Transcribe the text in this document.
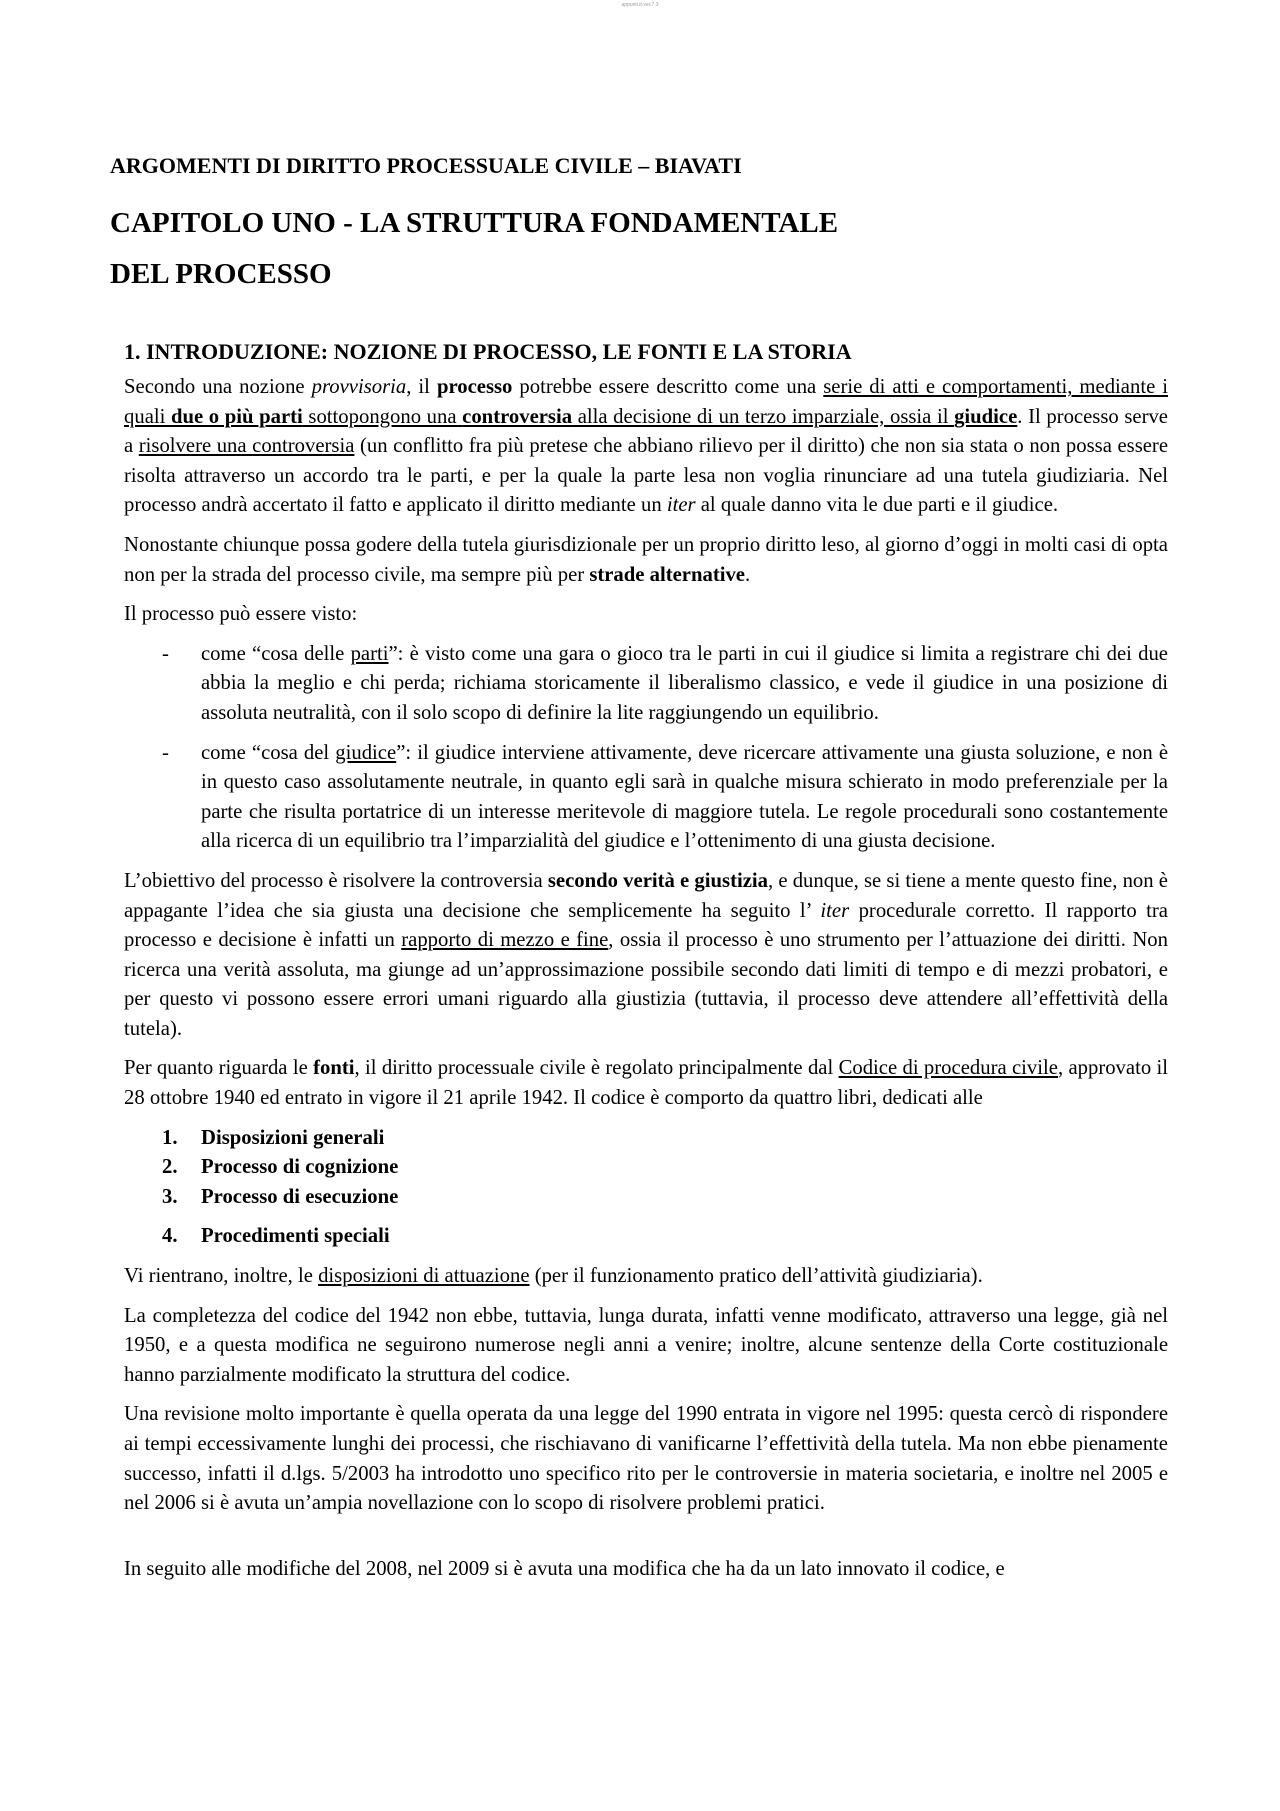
appunti.it-ver.7.3
ARGOMENTI DI DIRITTO PROCESSUALE CIVILE – BIAVATI
CAPITOLO UNO - LA STRUTTURA FONDAMENTALE
DEL PROCESSO
1. INTRODUZIONE: NOZIONE DI PROCESSO, LE FONTI E LA STORIA

Secondo una nozione provvisoria, il processo potrebbe essere descritto come una serie di atti e comportamenti, mediante i quali due o più parti sottopongono una controversia alla decisione di un terzo imparziale, ossia il giudice. Il processo serve a risolvere una controversia (un conflitto fra più pretese che abbiano rilievo per il diritto) che non sia stata o non possa essere risolta attraverso un accordo tra le parti, e per la quale la parte lesa non voglia rinunciare ad una tutela giudiziaria. Nel processo andrà accertato il fatto e applicato il diritto mediante un iter al quale danno vita le due parti e il giudice.

Nonostante chiunque possa godere della tutela giurisdizionale per un proprio diritto leso, al giorno d’oggi in molti casi di opta non per la strada del processo civile, ma sempre più per strade alternative.

Il processo può essere visto:

- come “cosa delle parti”: è visto come una gara o gioco tra le parti in cui il giudice si limita a registrare chi dei due abbia la meglio e chi perda; richiama storicamente il liberalismo classico, e vede il giudice in una posizione di assoluta neutralità, con il solo scopo di definire la lite raggiungendo un equilibrio.
- come “cosa del giudice”: il giudice interviene attivamente, deve ricercare attivamente una giusta soluzione, e non è in questo caso assolutamente neutrale, in quanto egli sarà in qualche misura schierato in modo preferenziale per la parte che risulta portatrice di un interesse meritevole di maggiore tutela. Le regole procedurali sono costantemente alla ricerca di un equilibrio tra l’imparzialità del giudice e l’ottenimento di una giusta decisione.

L’obiettivo del processo è risolvere la controversia secondo verità e giustizia, e dunque, se si tiene a mente questo fine, non è appagante l’idea che sia giusta una decisione che semplicemente ha seguito l’ iter procedurale corretto. Il rapporto tra processo e decisione è infatti un rapporto di mezzo e fine, ossia il processo è uno strumento per l’attuazione dei diritti. Non ricerca una verità assoluta, ma giunge ad un’approssimazione possibile secondo dati limiti di tempo e di mezzi probatori, e per questo vi possono essere errori umani riguardo alla giustizia (tuttavia, il processo deve attendere all’effettività della tutela).

Per quanto riguarda le fonti, il diritto processuale civile è regolato principalmente dal Codice di procedura civile, approvato il 28 ottobre 1940 ed entrato in vigore il 21 aprile 1942. Il codice è comporto da quattro libri, dedicati alle

1. Disposizioni generali
2. Processo di cognizione
3. Processo di esecuzione
4. Procedimenti speciali

Vi rientrano, inoltre, le disposizioni di attuazione (per il funzionamento pratico dell’attività giudiziaria).

La completezza del codice del 1942 non ebbe, tuttavia, lunga durata, infatti venne modificato, attraverso una legge, già nel 1950, e a questa modifica ne seguirono numerose negli anni a venire; inoltre, alcune sentenze della Corte costituzionale hanno parzialmente modificato la struttura del codice.

Una revisione molto importante è quella operata da una legge del 1990 entrata in vigore nel 1995: questa cercò di rispondere ai tempi eccessivamente lunghi dei processi, che rischiavano di vanificarne l’effettività della tutela. Ma non ebbe pienamente successo, infatti il d.lgs. 5/2003 ha introdotto uno specifico rito per le controversie in materia societaria, e inoltre nel 2005 e nel 2006 si è avuta un’ampia novellazione con lo scopo di risolvere problemi pratici.

In seguito alle modifiche del 2008, nel 2009 si è avuta una modifica che ha da un lato innovato il codice, e
